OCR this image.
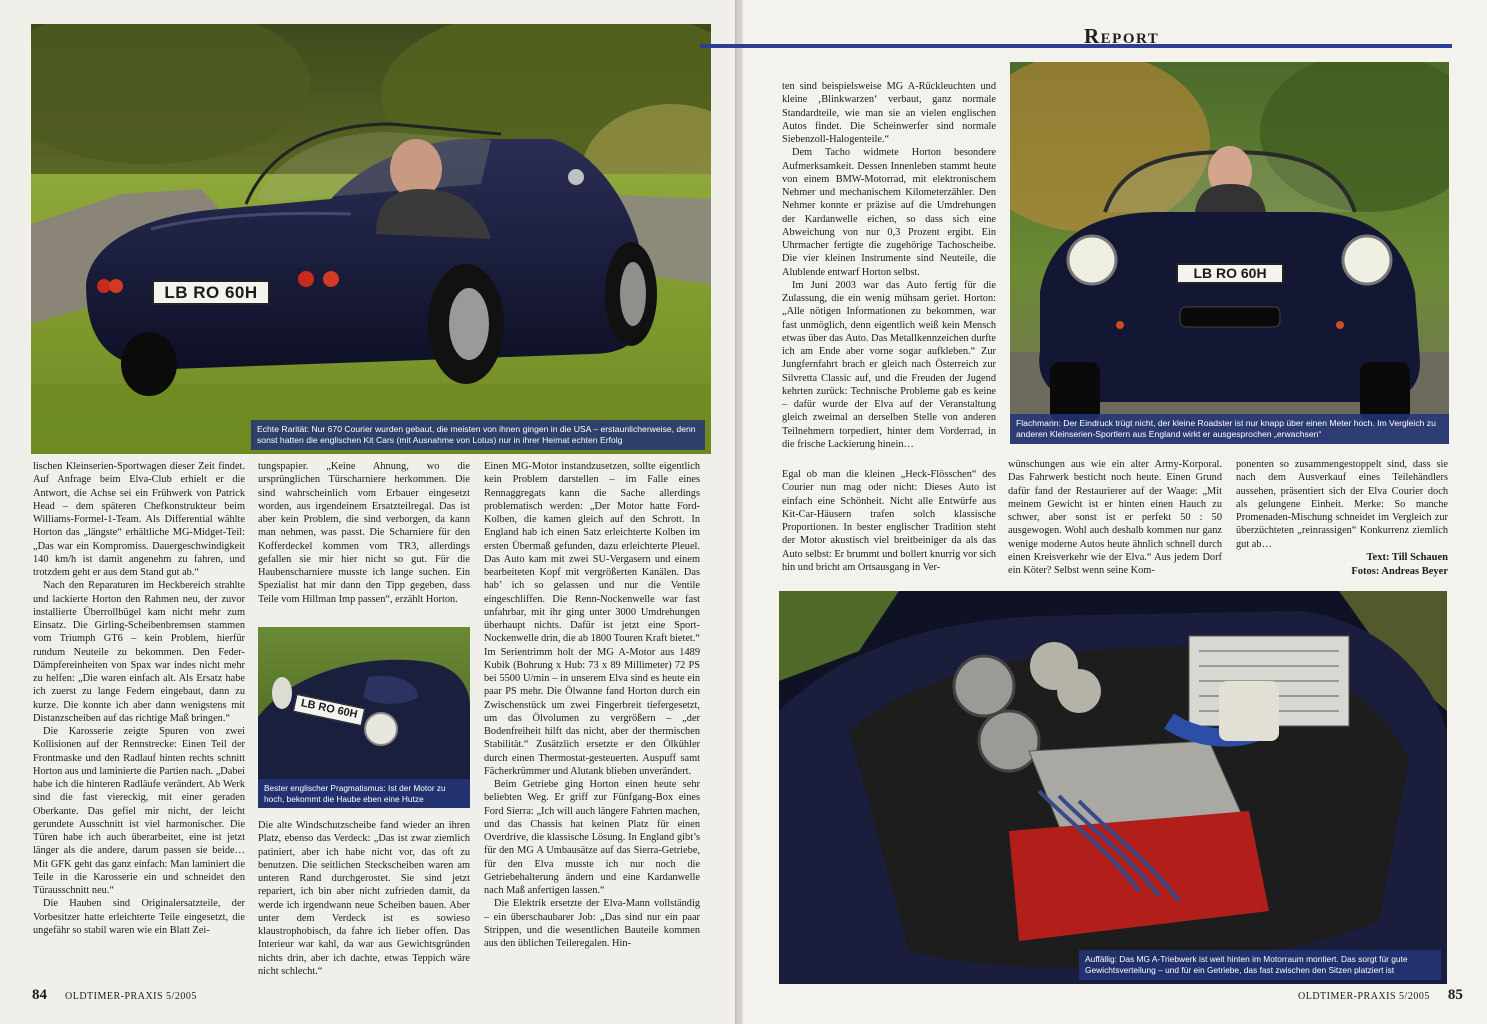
LB RO 60H
Echte Rarität: Nur 670 Courier wurden gebaut, die meisten von ihnen gingen in die USA – erstaunlicherweise, denn sonst hatten die englischen Kit Cars (mit Ausnahme von Lotus) nur in ihrer Heimat echten Erfolg

lischen Kleinserien-Sportwagen dieser Zeit findet. Auf Anfrage beim Elva-Club erhielt er die Antwort, die Achse sei ein Frühwerk von Patrick Head – dem späteren Chefkonstrukteur beim Williams-Formel-1-Team. Als Differential wählte Horton das „längste“ erhältliche MG-Midget-Teil: „Das war ein Kompromiss. Dauergeschwindigkeit 140 km/h ist damit angenehm zu fahren, und trotzdem geht er aus dem Stand gut ab.“

Nach den Reparaturen im Heckbereich strahlte und lackierte Horton den Rahmen neu, der zuvor installierte Überrollbügel kam nicht mehr zum Einsatz. Die Girling-Scheibenbremsen stammen vom Triumph GT6 – kein Problem, hierfür rundum Neuteile zu bekommen. Den Feder-Dämpfereinheiten von Spax war indes nicht mehr zu helfen: „Die waren einfach alt. Als Ersatz habe ich zuerst zu lange Federn eingebaut, dann zu kurze. Die konnte ich aber dann wenigstens mit Distanzscheiben auf das richtige Maß bringen.“

Die Karosserie zeigte Spuren von zwei Kollisionen auf der Rennstrecke: Einen Teil der Frontmaske und den Radlauf hinten rechts schnitt Horton aus und laminierte die Partien nach. „Dabei habe ich die hinteren Radläufe verändert. Ab Werk sind die fast viereckig, mit einer geraden Oberkante. Das gefiel mir nicht, der leicht gerundete Ausschnitt ist viel harmonischer. Die Türen habe ich auch überarbeitet, eine ist jetzt länger als die andere, darum passen sie beide… Mit GFK geht das ganz einfach: Man laminiert die Teile in die Karosserie ein und schneidet den Türausschnitt neu.“

Die Hauben sind Originalersatzteile, der Vorbesitzer hatte erleichterte Teile eingesetzt, die ungefähr so stabil waren wie ein Blatt Zei-

tungspapier. „Keine Ahnung, wo die ursprünglichen Türscharniere herkommen. Die sind wahrscheinlich vom Erbauer eingesetzt worden, aus irgendeinem Ersatzteilregal. Das ist aber kein Problem, die sind verborgen, da kann man nehmen, was passt. Die Scharniere für den Kofferdeckel kommen vom TR3, allerdings gefallen sie mir hier nicht so gut. Für die Haubenscharniere musste ich lange suchen. Ein Spezialist hat mir dann den Tipp gegeben, dass Teile vom Hillman Imp passen“, erzählt Horton.

LB RO 60H
Bester englischer Pragmatismus: Ist der Motor zu hoch, bekommt die Haube eben eine Hutze

Die alte Windschutzscheibe fand wieder an ihren Platz, ebenso das Verdeck: „Das ist zwar ziemlich patiniert, aber ich habe nicht vor, das oft zu benutzen. Die seitlichen Steckscheiben waren am unteren Rand durchgerostet. Sie sind jetzt repariert, ich bin aber nicht zufrieden damit, da werde ich irgendwann neue Scheiben bauen. Aber unter dem Verdeck ist es sowieso klaustrophobisch, da fahre ich lieber offen. Das Interieur war kahl, da war aus Gewichtsgründen nichts drin, aber ich dachte, etwas Teppich wäre nicht schlecht.“

Einen MG-Motor instandzusetzen, sollte eigentlich kein Problem darstellen – im Falle eines Rennaggregats kann die Sache allerdings problematisch werden: „Der Motor hatte Ford-Kolben, die kamen gleich auf den Schrott. In England hab ich einen Satz erleichterte Kolben im ersten Übermaß gefunden, dazu erleichterte Pleuel. Das Auto kam mit zwei SU-Vergasern und einem bearbeiteten Kopf mit vergrößerten Kanälen. Das hab’ ich so gelassen und nur die Ventile eingeschliffen. Die Renn-Nockenwelle war fast unfahrbar, mit ihr ging unter 3000 Umdrehungen überhaupt nichts. Dafür ist jetzt eine Sport-Nockenwelle drin, die ab 1800 Touren Kraft bietet.“ Im Serientrimm holt der MG A-Motor aus 1489 Kubik (Bohrung x Hub: 73 x 89 Millimeter) 72 PS bei 5500 U/min – in unserem Elva sind es heute ein paar PS mehr. Die Ölwanne fand Horton durch ein Zwischenstück um zwei Fingerbreit tiefergesetzt, um das Ölvolumen zu vergrößern – „der Bodenfreiheit hilft das nicht, aber der thermischen Stabilität.“ Zusätzlich ersetzte er den Ölkühler durch einen Thermostat-gesteuerten. Auspuff samt Fächerkrümmer und Alutank blieben unverändert.

Beim Getriebe ging Horton einen heute sehr beliebten Weg. Er griff zur Fünfgang-Box eines Ford Sierra: „Ich will auch längere Fahrten machen, und das Chassis hat keinen Platz für einen Overdrive, die klassische Lösung. In England gibt’s für den MG A Umbausätze auf das Sierra-Getriebe, für den Elva musste ich nur noch die Getriebehalterung ändern und eine Kardanwelle nach Maß anfertigen lassen.“

Die Elektrik ersetzte der Elva-Mann vollständig – ein überschaubarer Job: „Das sind nur ein paar Strippen, und die wesentlichen Bauteile kommen aus den üblichen Teileregalen. Hin-

84 OLDTIMER-PRAXIS 5/2005
Report

ten sind beispielsweise MG A-Rückleuchten und kleine ‚Blinkwarzen‘ verbaut, ganz normale Standardteile, wie man sie an vielen englischen Autos findet. Die Scheinwerfer sind normale Siebenzoll-Halogenteile.“

Dem Tacho widmete Horton besondere Aufmerksamkeit. Dessen Innenleben stammt heute von einem BMW-Motorrad, mit elektronischem Nehmer und mechanischem Kilometerzähler. Den Nehmer konnte er präzise auf die Umdrehungen der Kardanwelle eichen, so dass sich eine Abweichung von nur 0,3 Prozent ergibt. Ein Uhrmacher fertigte die zugehörige Tachoscheibe. Die vier kleinen Instrumente sind Neuteile, die Alublende entwarf Horton selbst.

Im Juni 2003 war das Auto fertig für die Zulassung, die ein wenig mühsam geriet. Horton: „Alle nötigen Informationen zu bekommen, war fast unmöglich, denn eigentlich weiß kein Mensch etwas über das Auto. Das Metallkennzeichen durfte ich am Ende aber vorne sogar aufkleben.“ Zur Jungfernfahrt brach er gleich nach Österreich zur Silvretta Classic auf, und die Freuden der Jugend kehrten zurück: Technische Probleme gab es keine – dafür wurde der Elva auf der Veranstaltung gleich zweimal an derselben Stelle von anderen Teilnehmern torpediert, hinter dem Vorderrad, in die frische Lackierung hinein…

LB RO 60H
Flachmann: Der Eindruck trügt nicht, der kleine Roadster ist nur knapp über einen Meter hoch. Im Vergleich zu anderen Kleinserien-Sportlern aus England wirkt er ausgesprochen „erwachsen“

Egal ob man die kleinen „Heck-Flösschen“ des Courier nun mag oder nicht: Dieses Auto ist einfach eine Schönheit. Nicht alle Entwürfe aus Kit-Car-Häusern trafen solch klassische Proportionen. In bester englischer Tradition steht der Motor akustisch viel breitbeiniger da als das Auto selbst: Er brummt und bollert knurrig vor sich hin und bricht am Ortsausgang in Ver-

wünschungen aus wie ein alter Army-Korporal. Das Fahrwerk besticht noch heute. Einen Grund dafür fand der Restaurierer auf der Waage: „Mit meinem Gewicht ist er hinten einen Hauch zu schwer, aber sonst ist er perfekt 50 : 50 ausgewogen. Wohl auch deshalb kommen nur ganz wenige moderne Autos heute ähnlich schnell durch einen Kreisverkehr wie der Elva.“ Aus jedem Dorf ein Köter? Selbst wenn seine Kom-

ponenten so zusammengestoppelt sind, dass sie nach dem Ausverkauf eines Teilehändlers aussehen, präsentiert sich der Elva Courier doch als gelungene Einheit. Merke: So manche Promenaden-Mischung schneidet im Vergleich zur überzüchteten „reinrassigen“ Konkurrenz ziemlich gut ab…

Text: Till Schauen
Fotos: Andreas Beyer
Auffällig: Das MG A-Triebwerk ist weit hinten im Motorraum montiert. Das sorgt für gute Gewichtsverteilung – und für ein Getriebe, das fast zwischen den Sitzen platziert ist
OLDTIMER-PRAXIS 5/2005 85
